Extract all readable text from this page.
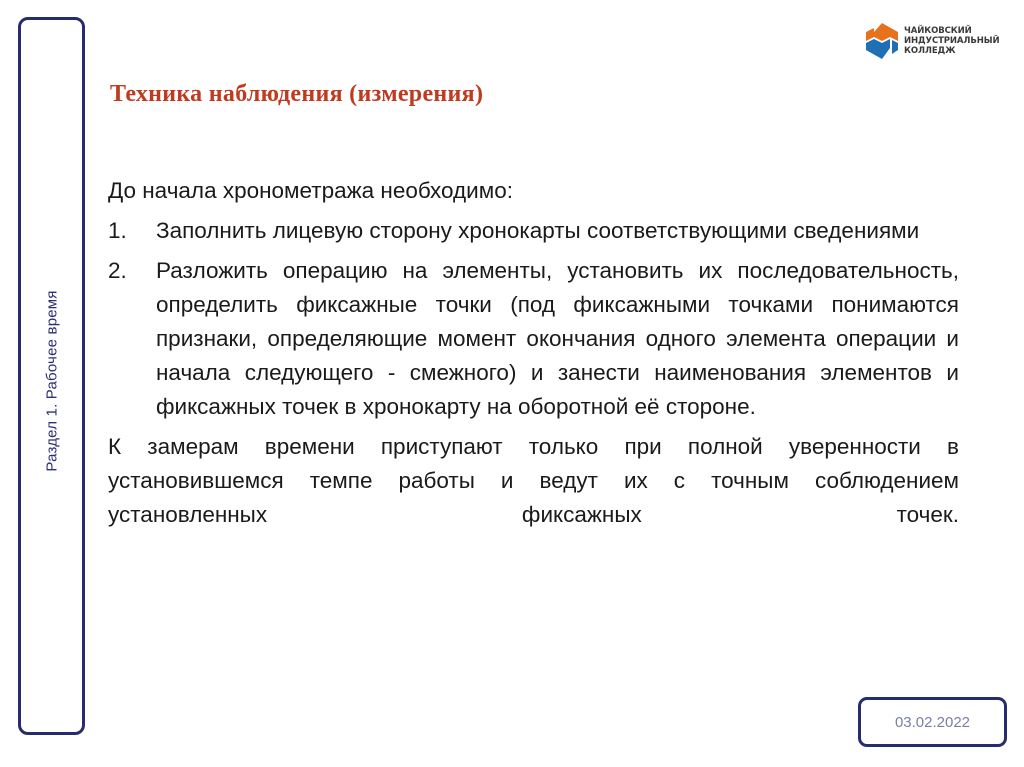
Раздел 1. Рабочее время
ЧАЙКОВСКИЙ
ИНДУСТРИАЛЬНЫЙ
КОЛЛЕДЖ
Техника наблюдения (измерения)

До начала хронометража необходимо:

1.	Заполнить лицевую сторону хронокарты соответствующими сведениями
2.	Разложить операцию на элементы, установить их последовательность, определить фиксажные точки (под фиксажными точками понимаются признаки, определяющие момент окончания одного элемента операции и начала следующего - смежного) и занести наименования элементов и фиксажных точек в хронокарту на оборотной её стороне.

К замерам времени приступают только при полной уверенности в установившемся темпе работы и ведут их с точным соблюдением установленных фиксажных точек.

03.02.2022
